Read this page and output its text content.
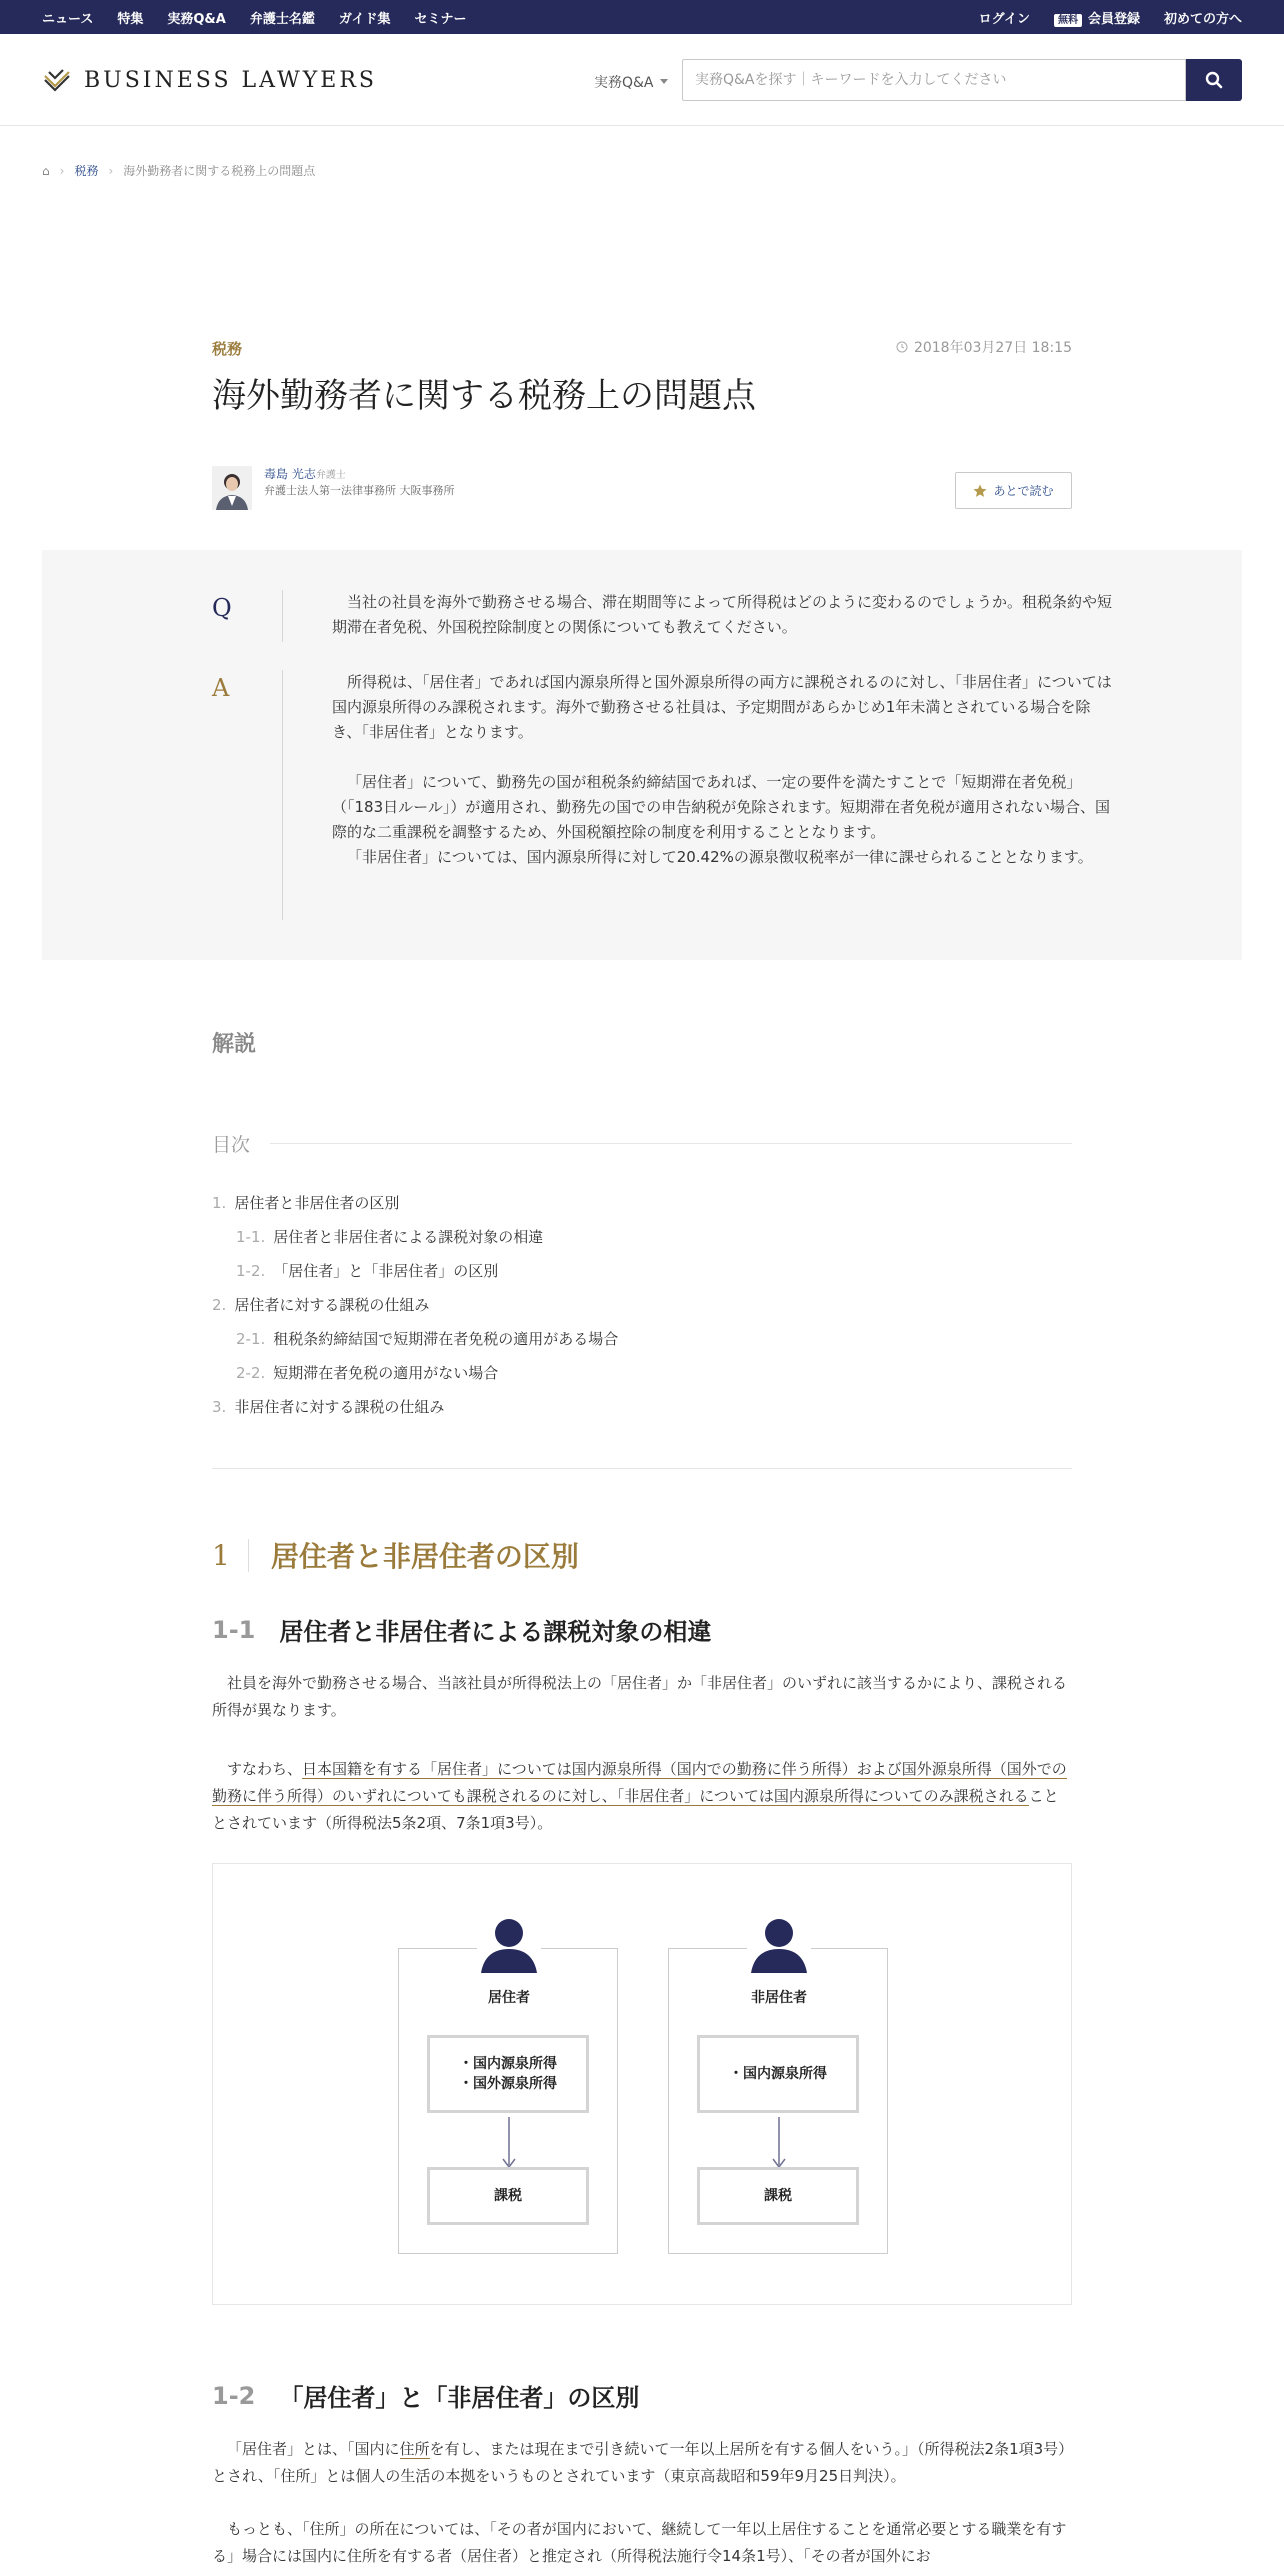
ニュース 特集 実務Q&A 弁護士名鑑 ガイド集 セミナー	ログイン	無料 会員登録 初めての方へ
BUSINESS LAWYERS	実務Q&A
実務Q&Aを探す｜キーワードを入力してください
⌂ › 税務 › 海外勤務者に関する税務上の問題点
税務	2018年03月27日 18:15
海外勤務者に関する税務上の問題点
毒島 光志弁護士
弁護士法人第一法律事務所 大阪事務所	あとで読む
Q	当社の社員を海外で勤務させる場合、滞在期間等によって所得税はどのように変わるのでしょうか。租税条約や短期滞在者免税、外国税控除制度との関係についても教えてください。

A	所得税は、「居住者」であれば国内源泉所得と国外源泉所得の両方に課税されるのに対し、「非居住者」については国内源泉所得のみ課税されます。海外で勤務させる社員は、予定期間があらかじめ1年未満とされている場合を除き、「非居住者」となります。

「居住者」について、勤務先の国が租税条約締結国であれば、一定の要件を満たすことで「短期滞在者免税」（「183日ルール」）が適用され、勤務先の国での申告納税が免除されます。短期滞在者免税が適用されない場合、国際的な二重課税を調整するため、外国税額控除の制度を利用することとなります。

「非居住者」については、国内源泉所得に対して20.42%の源泉徴収税率が一律に課せられることとなります。

解説
目次
1. 居住者と非居住者の区別
1-1. 居住者と非居住者による課税対象の相違
1-2. 「居住者」と「非居住者」の区別
2. 居住者に対する課税の仕組み
2-1. 租税条約締結国で短期滞在者免税の適用がある場合
2-2. 短期滞在者免税の適用がない場合
3. 非居住者に対する課税の仕組み
1	居住者と非居住者の区別
1-1 居住者と非居住者による課税対象の相違
社員を海外で勤務させる場合、当該社員が所得税法上の「居住者」か「非居住者」のいずれに該当するかにより、課税される所得が異なります。
すなわち、日本国籍を有する「居住者」については国内源泉所得（国内での勤務に伴う所得）および国外源泉所得（国外での勤務に伴う所得）のいずれについても課税されるのに対し、「非居住者」については国内源泉所得についてのみ課税されることとされています（所得税法5条2項、7条1項3号）。
居住者
・国内源泉所得
・国外源泉所得
課税
非居住者
・国内源泉所得
課税
1-2 「居住者」と「非居住者」の区別
「居住者」とは、「国内に住所を有し、または現在まで引き続いて一年以上居所を有する個人をいう。」（所得税法2条1項3号）とされ、「住所」とは個人の生活の本拠をいうものとされています（東京高裁昭和59年9月25日判決）。
もっとも、「住所」の所在については、「その者が国内において、継続して一年以上居住することを通常必要とする職業を有する」場合には国内に住所を有する者（居住者）と推定され（所得税法施行令14条1号）、「その者が国外にお
